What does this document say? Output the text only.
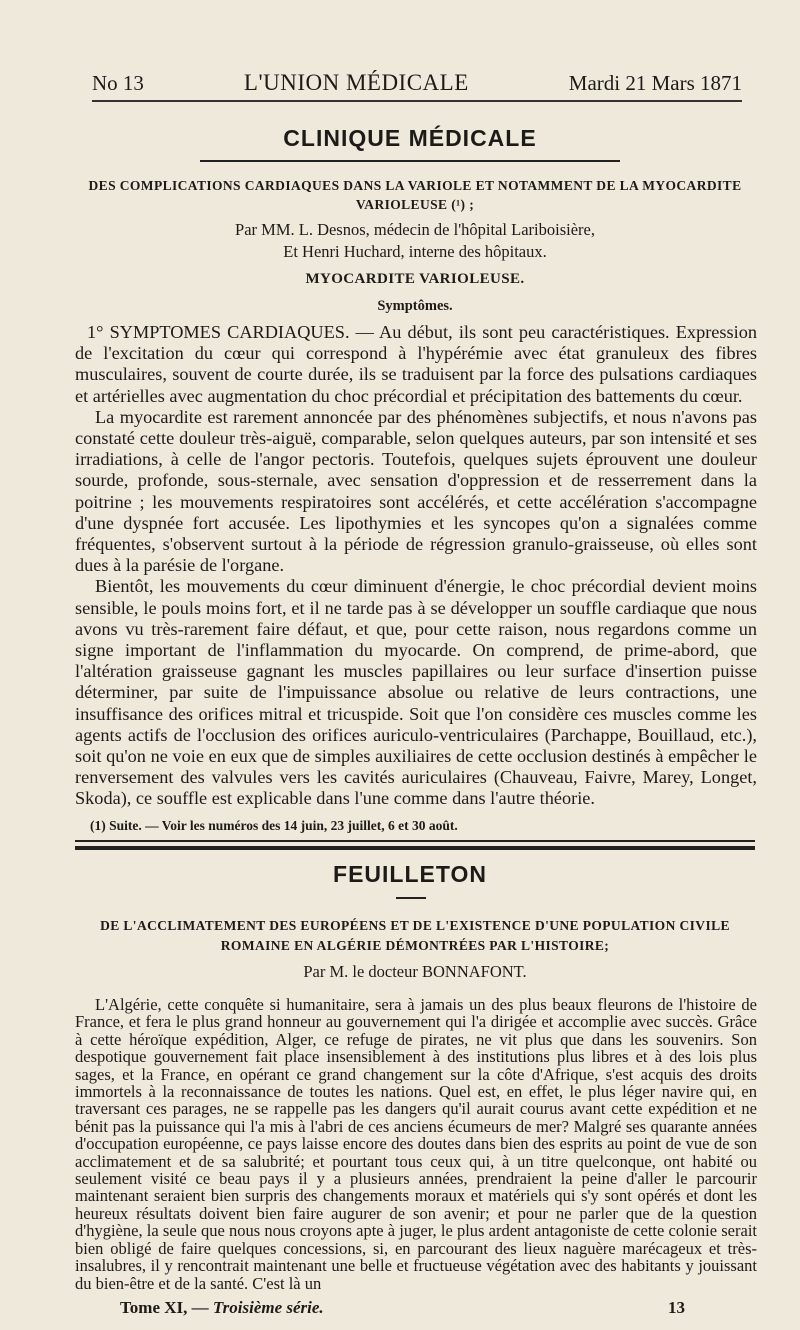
No 13	L'UNION MÉDICALE	Mardi 21 Mars 1871
CLINIQUE MÉDICALE
DES COMPLICATIONS CARDIAQUES DANS LA VARIOLE ET NOTAMMENT DE LA MYOCARDITE
VARIOLEUSE (¹) ;
Par MM. L. Desnos, médecin de l'hôpital Lariboisière,
Et Henri Huchard, interne des hôpitaux.
MYOCARDITE VARIOLEUSE.
Symptômes.

1° SYMPTOMES CARDIAQUES. — Au début, ils sont peu caractéristiques. Expression de l'excitation du cœur qui correspond à l'hypérémie avec état granuleux des fibres musculaires, souvent de courte durée, ils se traduisent par la force des pulsations cardiaques et artérielles avec augmentation du choc précordial et précipitation des battements du cœur.

La myocardite est rarement annoncée par des phénomènes subjectifs, et nous n'avons pas constaté cette douleur très-aiguë, comparable, selon quelques auteurs, par son intensité et ses irradiations, à celle de l'angor pectoris. Toutefois, quelques sujets éprouvent une douleur sourde, profonde, sous-sternale, avec sensation d'oppression et de resserrement dans la poitrine ; les mouvements respiratoires sont accélérés, et cette accélération s'accompagne d'une dyspnée fort accusée. Les lipothymies et les syncopes qu'on a signalées comme fréquentes, s'observent surtout à la période de régression granulo-graisseuse, où elles sont dues à la parésie de l'organe.

Bientôt, les mouvements du cœur diminuent d'énergie, le choc précordial devient moins sensible, le pouls moins fort, et il ne tarde pas à se développer un souffle cardiaque que nous avons vu très-rarement faire défaut, et que, pour cette raison, nous regardons comme un signe important de l'inflammation du myocarde. On comprend, de prime-abord, que l'altération graisseuse gagnant les muscles papillaires ou leur surface d'insertion puisse déterminer, par suite de l'impuissance absolue ou relative de leurs contractions, une insuffisance des orifices mitral et tricuspide. Soit que l'on considère ces muscles comme les agents actifs de l'occlusion des orifices auriculo-ventriculaires (Parchappe, Bouillaud, etc.), soit qu'on ne voie en eux que de simples auxiliaires de cette occlusion destinés à empêcher le renversement des valvules vers les cavités auriculaires (Chauveau, Faivre, Marey, Longet, Skoda), ce souffle est explicable dans l'une comme dans l'autre théorie.

(1) Suite. — Voir les numéros des 14 juin, 23 juillet, 6 et 30 août.
FEUILLETON
DE L'ACCLIMATEMENT DES EUROPÉENS ET DE L'EXISTENCE D'UNE POPULATION CIVILE
ROMAINE EN ALGÉRIE DÉMONTRÉES PAR L'HISTOIRE;
Par M. le docteur BONNAFONT.

L'Algérie, cette conquête si humanitaire, sera à jamais un des plus beaux fleurons de l'histoire de France, et fera le plus grand honneur au gouvernement qui l'a dirigée et accomplie avec succès. Grâce à cette héroïque expédition, Alger, ce refuge de pirates, ne vit plus que dans les souvenirs. Son despotique gouvernement fait place insensiblement à des institutions plus libres et à des lois plus sages, et la France, en opérant ce grand changement sur la côte d'Afrique, s'est acquis des droits immortels à la reconnaissance de toutes les nations. Quel est, en effet, le plus léger navire qui, en traversant ces parages, ne se rappelle pas les dangers qu'il aurait courus avant cette expédition et ne bénit pas la puissance qui l'a mis à l'abri de ces anciens écumeurs de mer? Malgré ses quarante années d'occupation européenne, ce pays laisse encore des doutes dans bien des esprits au point de vue de son acclimatement et de sa salubrité; et pourtant tous ceux qui, à un titre quelconque, ont habité ou seulement visité ce beau pays il y a plusieurs années, prendraient la peine d'aller le parcourir maintenant seraient bien surpris des changements moraux et matériels qui s'y sont opérés et dont les heureux résultats doivent bien faire augurer de son avenir; et pour ne parler que de la question d'hygiène, la seule que nous nous croyons apte à juger, le plus ardent antagoniste de cette colonie serait bien obligé de faire quelques concessions, si, en parcourant des lieux naguère marécageux et très-insalubres, il y rencontrait maintenant une belle et fructueuse végétation avec des habitants y jouissant du bien-être et de la santé. C'est là un

Tome XI, — Troisième série.	13
